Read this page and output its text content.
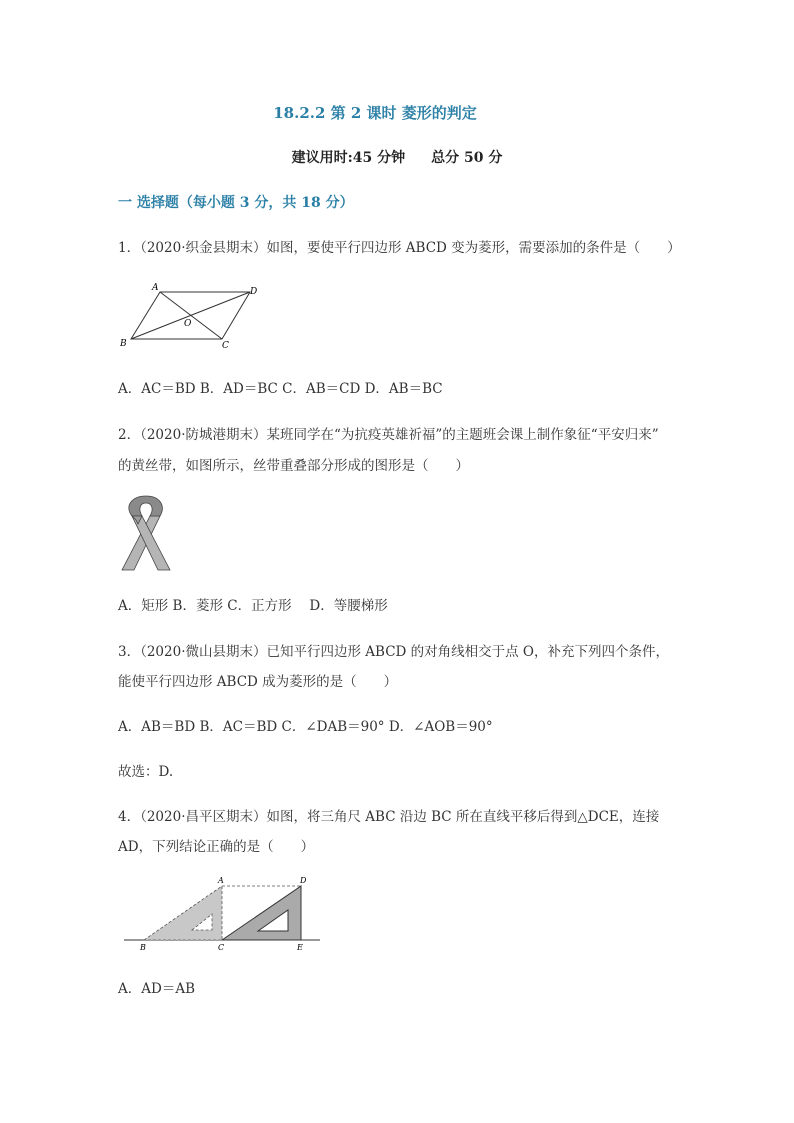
18.2.2 第 2 课时 菱形的判定
建议用时:45 分钟 总分 50 分
一 选择题（每小题 3 分，共 18 分）
1．（2020·织金县期末）如图，要使平行四边形 ABCD 变为菱形，需要添加的条件是（　　）
A	D
O
B	C
A．AC＝BD B．AD＝BC C．AB＝CD D．AB＝BC
2．（2020·防城港期末）某班同学在“为抗疫英雄祈福”的主题班会课上制作象征“平安归来”
的黄丝带，如图所示，丝带重叠部分形成的图形是（　　）
A．矩形 B．菱形 C．正方形　 D．等腰梯形
3．（2020·微山县期末）已知平行四边形 ABCD 的对角线相交于点 O，补充下列四个条件，
能使平行四边形 ABCD 成为菱形的是（　　）
A．AB＝BD B．AC＝BD C．∠DAB＝90° D．∠AOB＝90°
故选：D.
4．（2020·昌平区期末）如图，将三角尺 ABC 沿边 BC 所在直线平移后得到△DCE，连接
AD，下列结论正确的是（　　）
A	D
B	C	E
A．AD＝AB
